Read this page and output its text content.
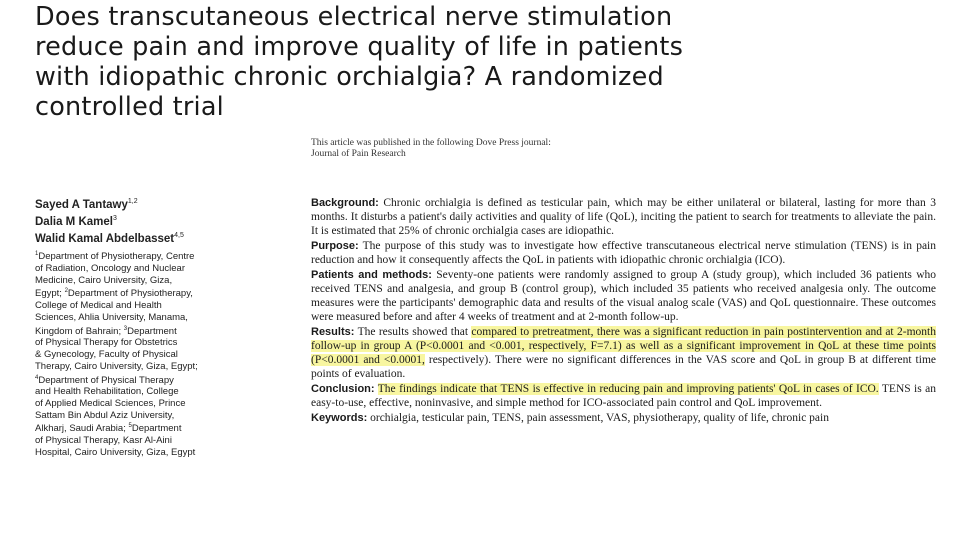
Does transcutaneous electrical nerve stimulation
reduce pain and improve quality of life in patients
with idiopathic chronic orchialgia? A randomized
controlled trial
This article was published in the following Dove Press journal:
Journal of Pain Research
Sayed A Tantawy$^{1,2}$
Dalia M Kamel$^3$
Walid Kamal Abdelbasset$^{4,5}$
$^1$Department of Physiotherapy, Centre
of Radiation, Oncology and Nuclear
Medicine, Cairo University, Giza,
Egypt; $^2$Department of Physiotherapy,
College of Medical and Health
Sciences, Ahlia University, Manama,
Kingdom of Bahrain; $^3$Department
of Physical Therapy for Obstetrics
& Gynecology, Faculty of Physical
Therapy, Cairo University, Giza, Egypt;
$^4$Department of Physical Therapy
and Health Rehabilitation, College
of Applied Medical Sciences, Prince
Sattam Bin Abdul Aziz University,
Alkharj, Saudi Arabia; $^5$Department
of Physical Therapy, Kasr Al-Aini
Hospital, Cairo University, Giza, Egypt

Background: Chronic orchialgia is defined as testicular pain, which may be either unilateral or bilateral, lasting for more than 3 months. It disturbs a patient's daily activities and quality of life (QoL), inciting the patient to search for treatments to alleviate the pain. It is estimated that 25% of chronic orchialgia cases are idiopathic.

Purpose: The purpose of this study was to investigate how effective transcutaneous electrical nerve stimulation (TENS) is in pain reduction and how it consequently affects the QoL in patients with idiopathic chronic orchialgia (ICO).

Patients and methods: Seventy-one patients were randomly assigned to group A (study group), which included 36 patients who received TENS and analgesia, and group B (control group), which included 35 patients who received analgesia only. The outcome measures were the participants' demographic data and results of the visual analog scale (VAS) and QoL questionnaire. These outcomes were measured before and after 4 weeks of treatment and at 2-month follow-up.

Results: The results showed that compared to pretreatment, there was a significant reduction in pain postintervention and at 2-month follow-up in group A (P<0.0001 and <0.001, respectively, F=7.1) as well as a significant improvement in QoL at these time points (P<0.0001 and <0.0001, respectively). There were no significant differences in the VAS score and QoL in group B at different time points of evaluation.

Conclusion: The findings indicate that TENS is effective in reducing pain and improving patients' QoL in cases of ICO. TENS is an easy-to-use, effective, noninvasive, and simple method for ICO-associated pain control and QoL improvement.

Keywords: orchialgia, testicular pain, TENS, pain assessment, VAS, physiotherapy, quality of life, chronic pain
